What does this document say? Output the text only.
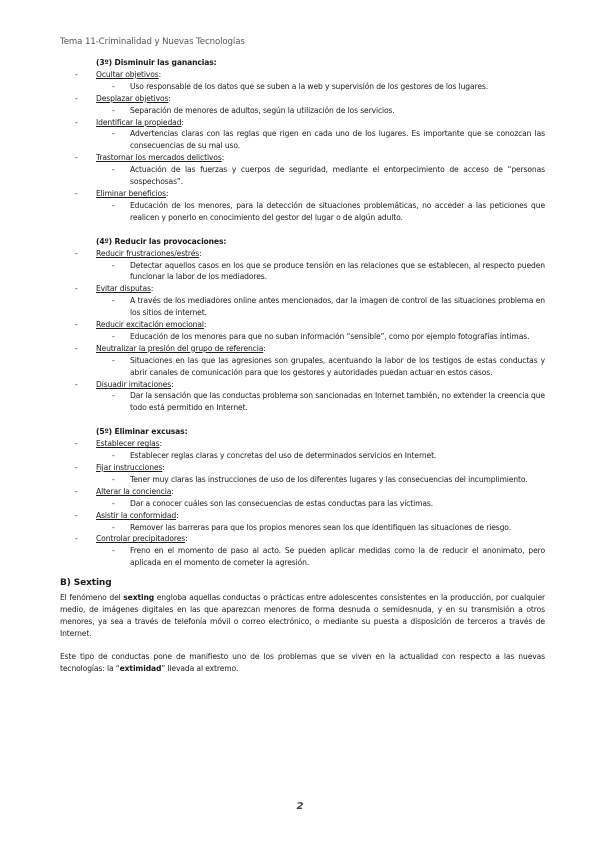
Tema 11-Criminalidad y Nuevas Tecnologías
(3º) Disminuir las ganancias:
- Ocultar objetivos:
- Uso responsable de los datos que se suben a la web y supervisión de los gestores de los lugares.
- Desplazar objetivos:
- Separación de menores de adultos, según la utilización de los servicios.
- Identificar la propiedad:
- Advertencias claras con las reglas que rigen en cada uno de los lugares. Es importante que se conozcan las consecuencias de su mal uso.
- Trastornar los mercados delictivos:
- Actuación de las fuerzas y cuerpos de seguridad, mediante el entorpecimiento de acceso de “personas sospechosas”.
- Eliminar beneficios:
- Educación de los menores, para la detección de situaciones problemáticas, no acceder a las peticiones que realicen y ponerlo en conocimiento del gestor del lugar o de algún adulto.
(4º) Reducir las provocaciones:
- Reducir frustraciones/estrés:
- Detectar aquellos casos en los que se produce tensión en las relaciones que se establecen, al respecto pueden funcionar la labor de los mediadores.
- Evitar disputas:
- A través de los mediadores online antes mencionados, dar la imagen de control de las situaciones problema en los sitios de internet.
- Reducir excitación emocional:
- Educación de los menores para que no suban información “sensible”, como por ejemplo fotografías íntimas.
- Neutralizar la presión del grupo de referencia:
- Situaciones en las que las agresiones son grupales, acentuando la labor de los testigos de estas conductas y abrir canales de comunicación para que los gestores y autoridades puedan actuar en estos casos.
- Disuadir imitaciones:
- Dar la sensación que las conductas problema son sancionadas en Internet también, no extender la creencia que todo está permitido en Internet.
(5º) Eliminar excusas:
- Establecer reglas:
- Establecer reglas claras y concretas del uso de determinados servicios en Internet.
- Fijar instrucciones:
- Tener muy claras las instrucciones de uso de los diferentes lugares y las consecuencias del incumplimiento.
- Alterar la conciencia:
- Dar a conocer cuáles son las consecuencias de estas conductas para las víctimas.
- Asistir la conformidad:
- Remover las barreras para que los propios menores sean los que identifiquen las situaciones de riesgo.
- Controlar precipitadores:
- Freno en el momento de paso al acto. Se pueden aplicar medidas como la de reducir el anonimato, pero aplicada en el momento de cometer la agresión.
B) Sexting
El fenómeno del sexting engloba aquellas conductas o prácticas entre adolescentes consistentes en la producción, por cualquier medio, de imágenes digitales en las que aparezcan menores de forma desnuda o semidesnuda, y en su transmisión a otros menores, ya sea a través de telefonía móvil o correo electrónico, o mediante su puesta a disposición de terceros a través de Internet.
Este tipo de conductas pone de manifiesto uno de los problemas que se viven en la actualidad con respecto a las nuevas tecnologías: la “extimidad” llevada al extremo.
2
